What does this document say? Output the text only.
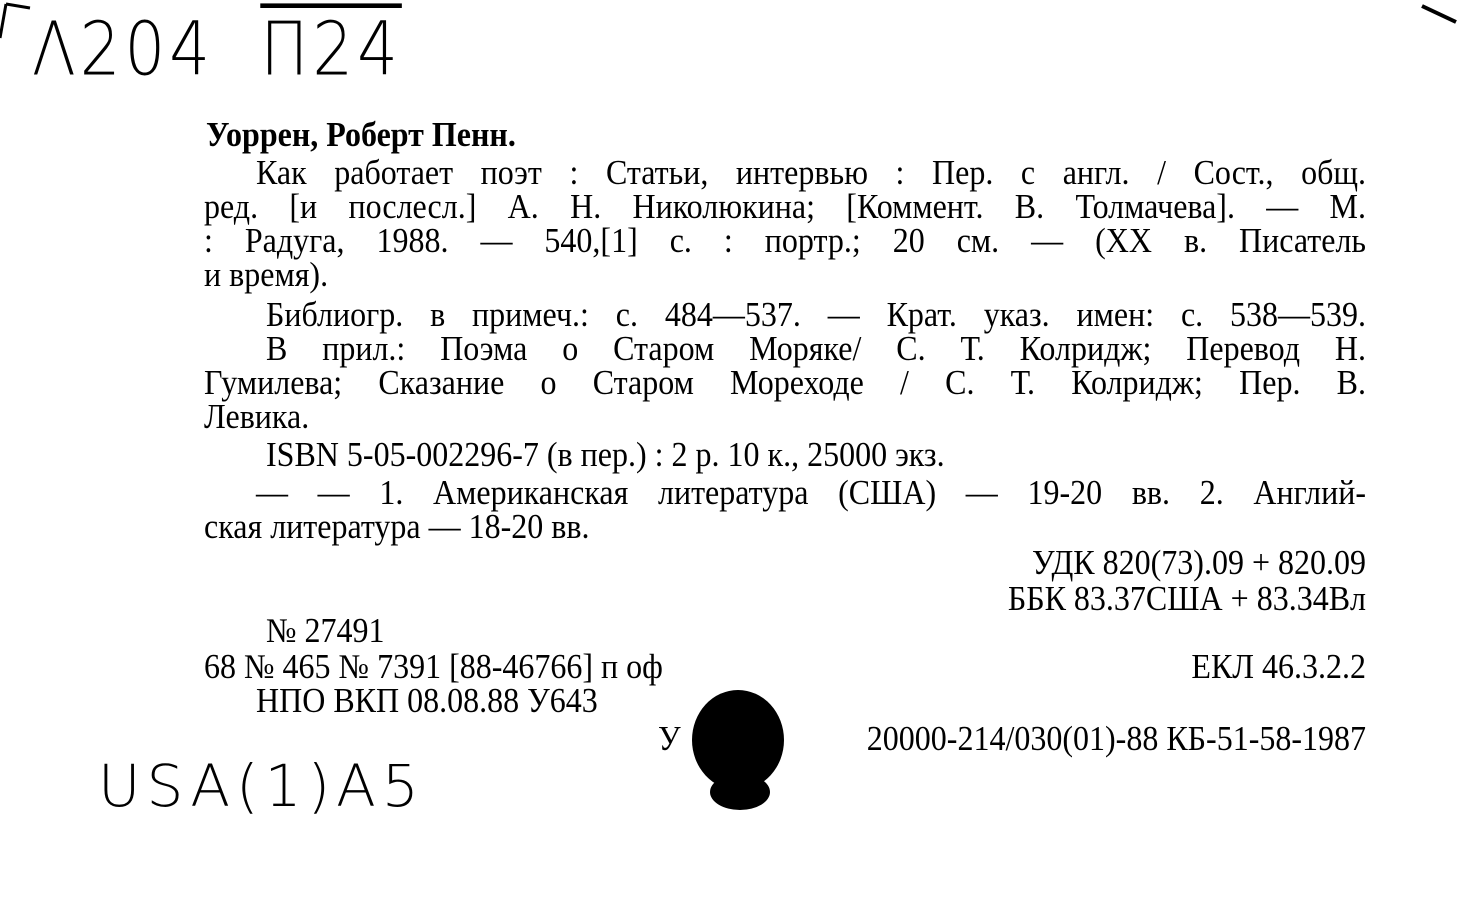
Λ204 П24
Уоррен, Роберт Пенн.
Как работает поэт : Статьи, интервью : Пер. с англ. / Сост., общ.
ред. [и послесл.] А. Н. Николюкина; [Коммент. В. Толмачева]. — М.
: Радуга, 1988. — 540,[1] с. : портр.; 20 см. — (XX в. Писатель
и время).
Библиогр. в примеч.: с. 484—537. — Крат. указ. имен: с. 538—539.
В прил.: Поэма о Старом Моряке/ С. Т. Колридж; Перевод Н.
Гумилева; Сказание о Старом Мореходе / С. Т. Колридж; Пер. В.
Левика.
ISBN 5-05-002296-7 (в пер.) : 2 р. 10 к., 25000 экз.
— — 1. Американская литература (США) — 19-20 вв. 2. Англий-
ская литература — 18-20 вв.
УДК 820(73).09 + 820.09
ББК 83.37США + 83.34Вл
№ 27491
68 № 465 № 7391 [88-46766] п оф	ЕКЛ 46.3.2.2
НПО ВКП 08.08.88 У643
У	20000-214/030(01)-88 КБ-51-58-1987
USA(1)A5
